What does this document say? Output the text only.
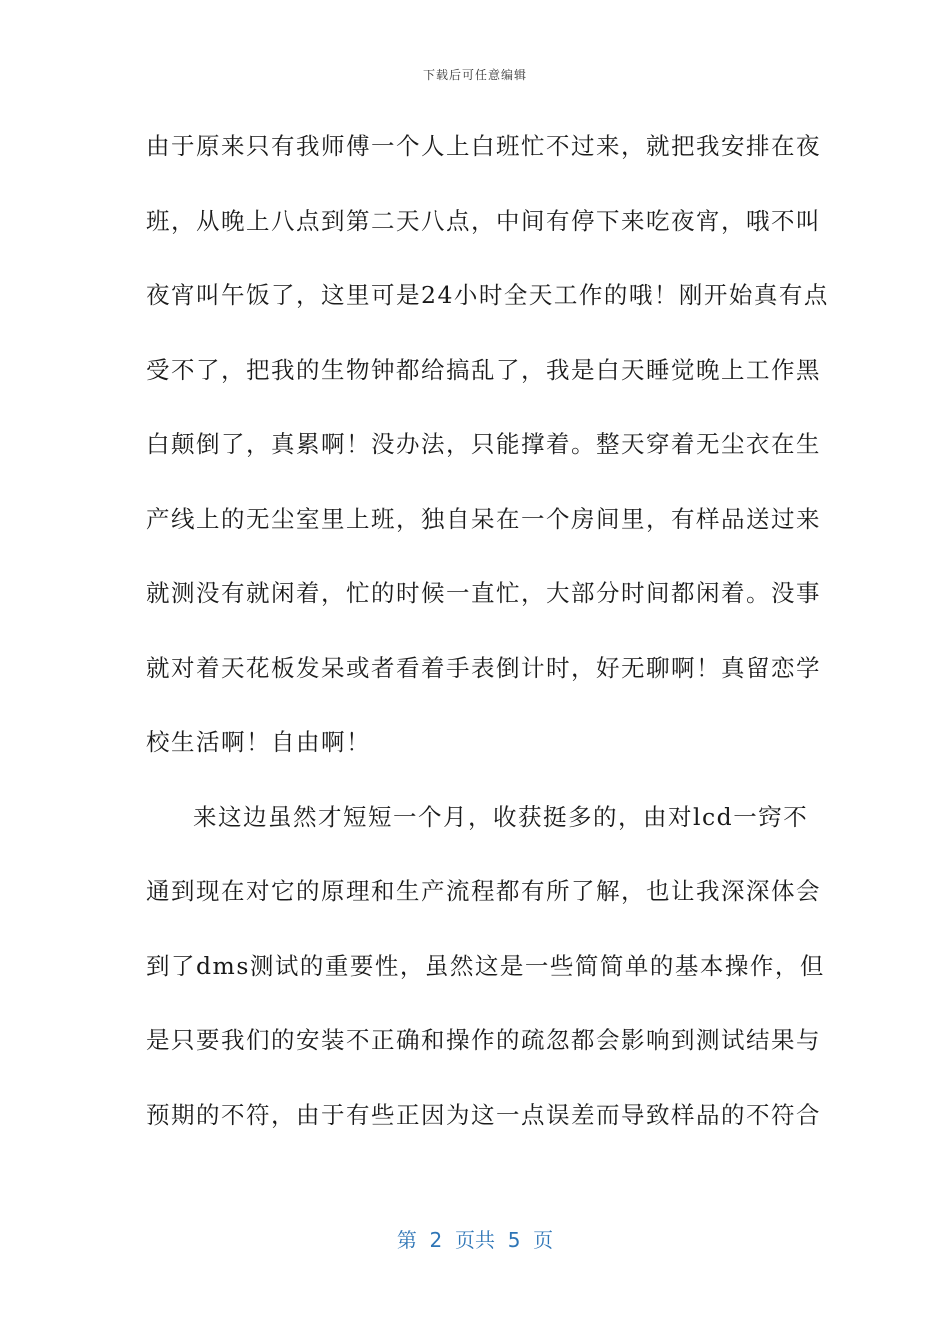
下载后可任意编辑
由于原来只有我师傅一个人上白班忙不过来，就把我安排在夜
班，从晚上八点到第二天八点，中间有停下来吃夜宵，哦不叫
夜宵叫午饭了，这里可是24小时全天工作的哦！刚开始真有点
受不了，把我的生物钟都给搞乱了，我是白天睡觉晚上工作黑
白颠倒了，真累啊！没办法，只能撑着。整天穿着无尘衣在生
产线上的无尘室里上班，独自呆在一个房间里，有样品送过来
就测没有就闲着，忙的时候一直忙，大部分时间都闲着。没事
就对着天花板发呆或者看着手表倒计时，好无聊啊！真留恋学
校生活啊！自由啊！
来这边虽然才短短一个月，收获挺多的，由对lcd一窍不
通到现在对它的原理和生产流程都有所了解，也让我深深体会
到了dms测试的重要性，虽然这是一些简简单的基本操作，但
是只要我们的安装不正确和操作的疏忽都会影响到测试结果与
预期的不符，由于有些正因为这一点误差而导致样品的不符合
第  2  页共  5  页
